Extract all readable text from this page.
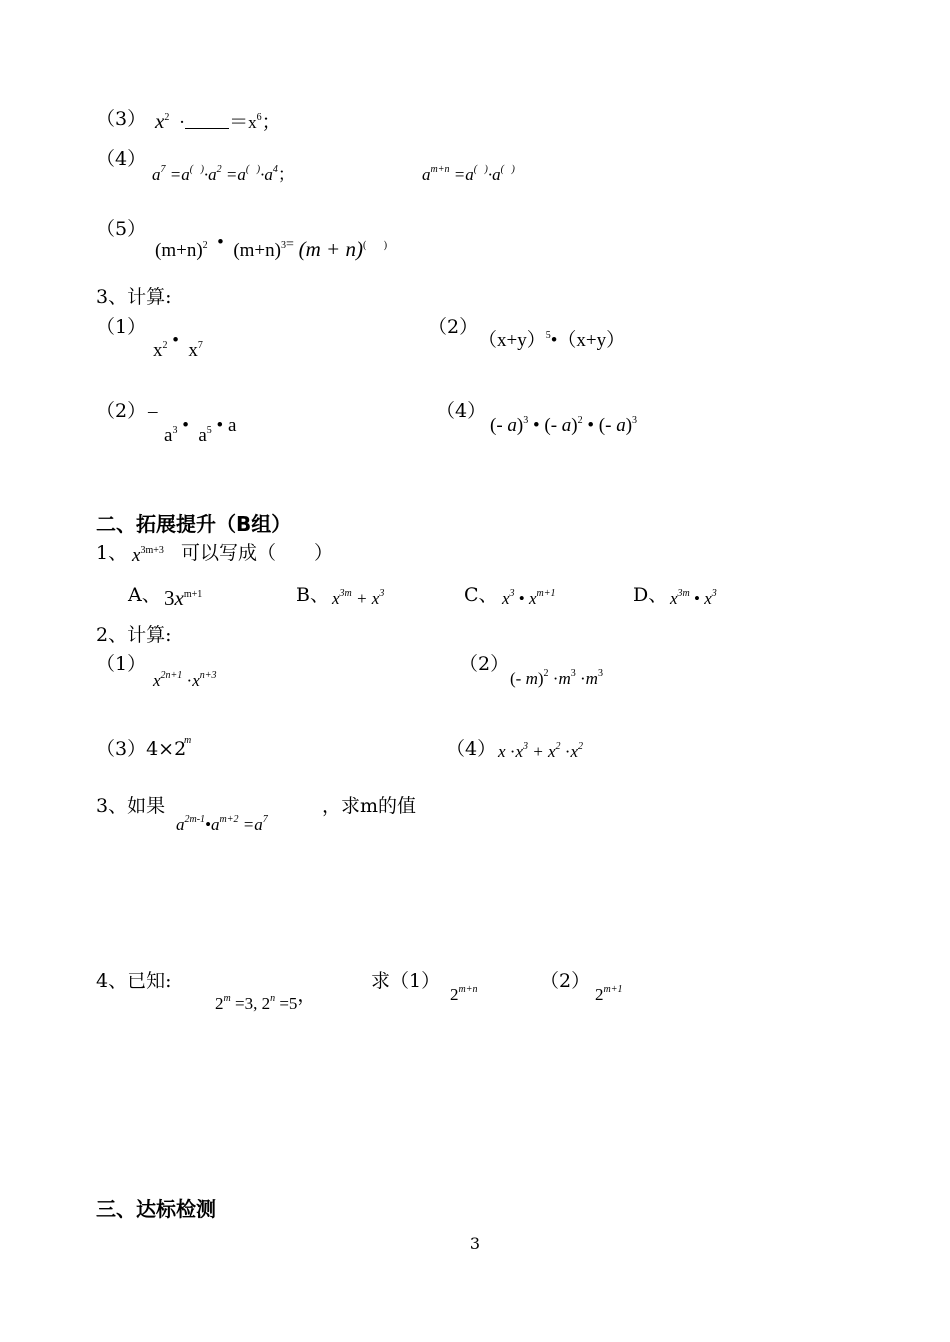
（3） $x^2 \cdot =x^6$；
（4）
$a^7 =a^{( )}\cdot a^2 =a^{( )}\cdot a^4$；	$a^{m+n} =a^{( )}\cdot a^{( )}$
（5）
$(m+n)^2$ •  $(m+n)^{3=}$ (m + n)(       )
3、计算:
（1）
$x^2$ •  $x^7$
（2）
$(x+y)^5•(x+y)$
（2） –
$a^3$ •  $a^5$ • a
（4）
(- a)$^3$ • (- a)$^2$ • (- a)$^3$
二、拓展提升（B组）
1、 $x^{3m+3}$ 可以写成（　　）
A、 $3x^{m+1}$	B、 $x^{3m} + x^3$	C、 $x^3$ • $x^{m+1}$	D、 $x^{3m}$ • $x^3$
2、计算:
（1）
$x^{2n+1} \cdot x^{n+3}$
（2）
(- $m)^2 \cdot m^3 \cdot m^3$
（3）4×2
m	（4） $x \cdot x^3 + x^2 \cdot x^2$
3、如果
$a^{2m-1}•a^{m+2} =a^7$
，求m的值
4、已知:
$2^m =3$, $2^n =5$，
求（1）
$2^{m+n}$	（2）
$2^{m+1}$
三、达标检测
3
